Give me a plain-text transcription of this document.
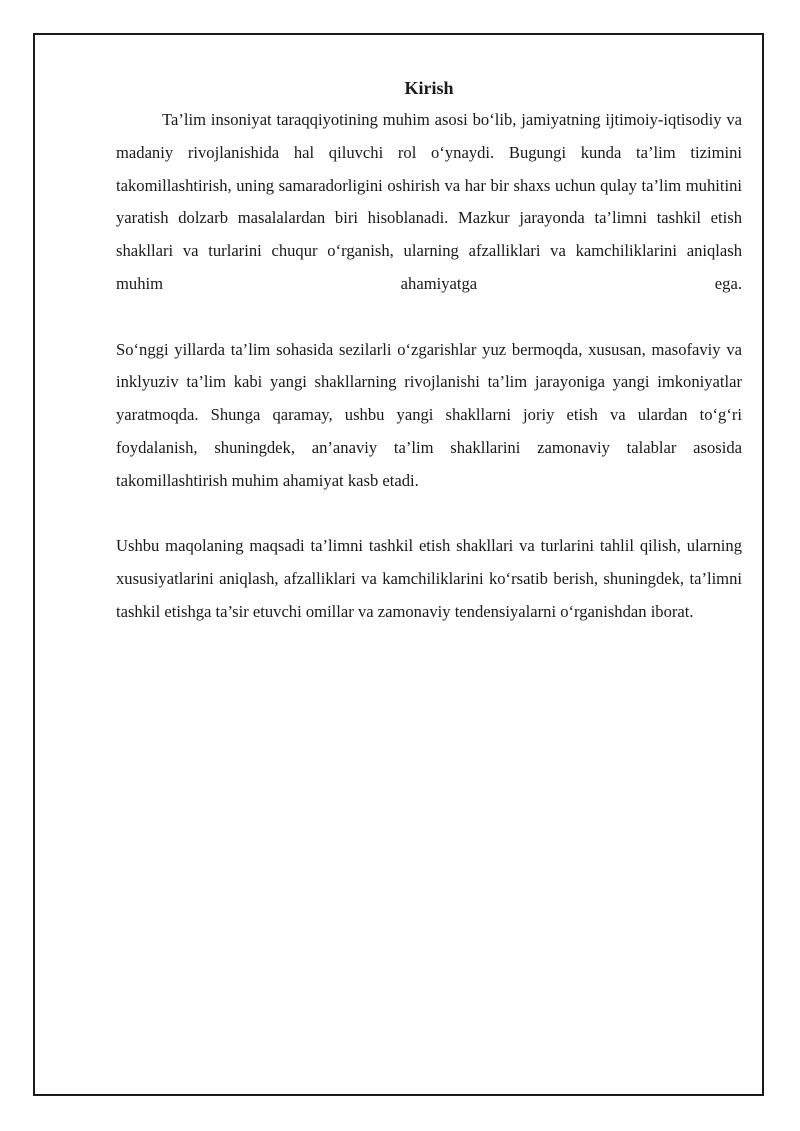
Kirish

Ta’lim insoniyat taraqqiyotining muhim asosi bo‘lib, jamiyatning ijtimoiy-iqtisodiy va madaniy rivojlanishida hal qiluvchi rol o‘ynaydi. Bugungi kunda ta’lim tizimini takomillashtirish, uning samaradorligini oshirish va har bir shaxs uchun qulay ta’lim muhitini yaratish dolzarb masalalardan biri hisoblanadi. Mazkur jarayonda ta’limni tashkil etish shakllari va turlarini chuqur o‘rganish, ularning afzalliklari va kamchiliklarini aniqlash muhim ahamiyatga ega.

So‘nggi yillarda ta’lim sohasida sezilarli o‘zgarishlar yuz bermoqda, xususan, masofaviy va inklyuziv ta’lim kabi yangi shakllarning rivojlanishi ta’lim jarayoniga yangi imkoniyatlar yaratmoqda. Shunga qaramay, ushbu yangi shakllarni joriy etish va ulardan to‘g‘ri foydalanish, shuningdek, an’anaviy ta’lim shakllarini zamonaviy talablar asosida takomillashtirish muhim ahamiyat kasb etadi.

Ushbu maqolaning maqsadi ta’limni tashkil etish shakllari va turlarini tahlil qilish, ularning xususiyatlarini aniqlash, afzalliklari va kamchiliklarini ko‘rsatib berish, shuningdek, ta’limni tashkil etishga ta’sir etuvchi omillar va zamonaviy tendensiyalarni o‘rganishdan iborat.
